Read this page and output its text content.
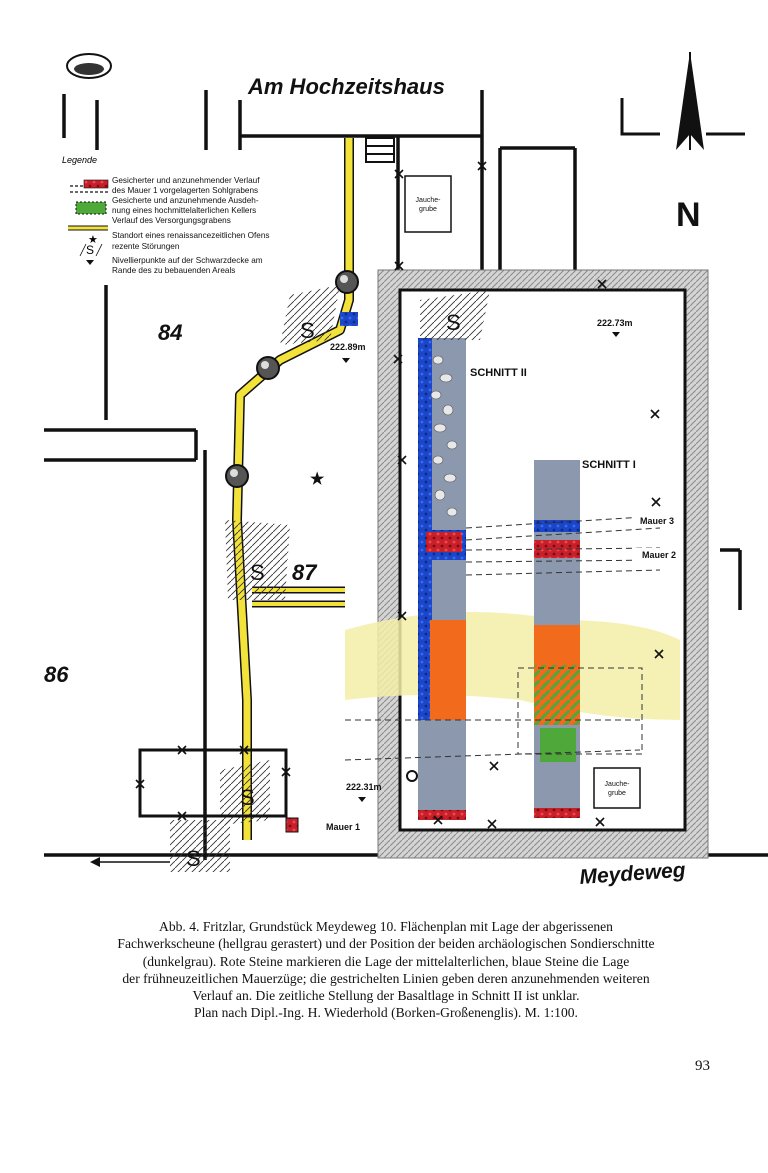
Am Hochzeitshaus
Meydeweg
N
Jauche-
grube
Mauer 3
Mauer 2
Mauer 1
SCHNITT II
SCHNITT I
222.73m
222.89m
222.31m
S	S
S
S
S
★
84
87
86
Jauche-
grube
Legende
★
S
Gesicherter und anzunehmender Verlauf
des Mauer 1 vorgelagerten Sohlgrabens
Gesicherte und anzunehmende Ausdeh-
nung eines hochmittelalterlichen Kellers
Verlauf des Versorgungsgrabens
Standort eines renaissancezeitlichen Ofens
rezente Störungen
Nivellierpunkte auf der Schwarzdecke am
Rande des zu bebauenden Areals

Abb. 4. Fritzlar, Grundstück Meydeweg 10. Flächenplan mit Lage der abgerissenen
Fachwerkscheune (hellgrau gerastert) und der Position der beiden archäologischen Sondierschnitte
(dunkelgrau). Rote Steine markieren die Lage der mittelalterlichen, blaue Steine die Lage
der frühneuzeitlichen Mauerzüge; die gestrichelten Linien geben deren anzunehmenden weiteren
Verlauf an. Die zeitliche Stellung der Basaltlage in Schnitt II ist unklar.
Plan nach Dipl.-Ing. H. Wiederhold (Borken-Großenenglis). M. 1:100.

93
